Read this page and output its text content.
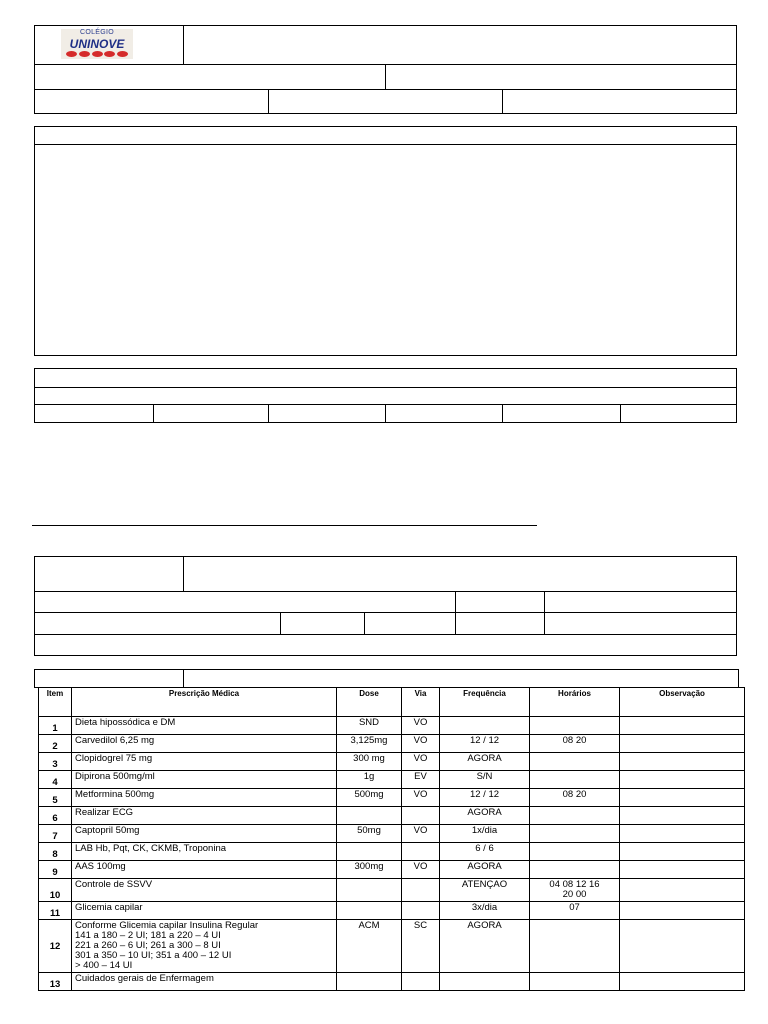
COLÉGIO
UNINOVE
Item	Prescrição Médica	Dose	Via	Frequência	Horários	Observação
1	Dieta hipossódica e DM	SND	VO			
2	Carvedilol 6,25 mg	3,125mg	VO	12 / 12	08 20	
3	Clopidogrel 75 mg	300 mg	VO	AGORA		
4	Dipirona 500mg/ml	1g	EV	S/N		
5	Metformina 500mg	500mg	VO	12 / 12	08 20	
6	Realizar ECG			AGORA		
7	Captopril 50mg	50mg	VO	1x/dia		
8	LAB Hb, Pqt, CK, CKMB, Troponina			6 / 6		
9	AAS 100mg	300mg	VO	AGORA		
10	Controle de SSVV			ATENÇAO	04 08 12 16
20 00	
11	Glicemia capilar			3x/dia	07	
12	Conforme Glicemia capilar Insulina Regular
141 a 180 – 2 UI; 181 a 220 – 4 UI
221 a 260 – 6 UI; 261 a 300 – 8 UI
301 a 350 – 10 UI; 351 a 400 – 12 UI
> 400 – 14 UI	ACM	SC	AGORA		
13	Cuidados gerais de Enfermagem					
